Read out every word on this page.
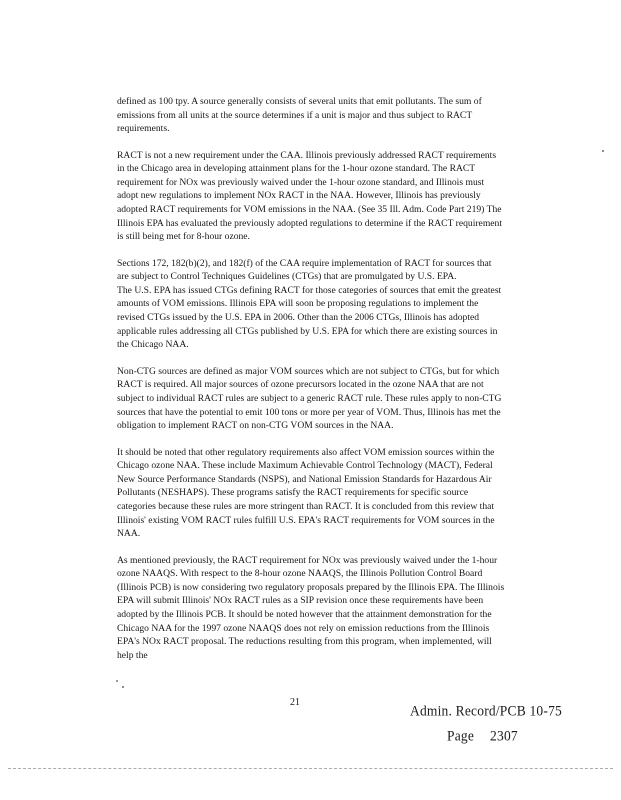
defined as 100 tpy. A source generally consists of several units that emit pollutants. The sum of emissions from all units at the source determines if a unit is major and thus subject to RACT requirements.

RACT is not a new requirement under the CAA. Illinois previously addressed RACT requirements in the Chicago area in developing attainment plans for the 1-hour ozone standard. The RACT requirement for NOx was previously waived under the 1-hour ozone standard, and Illinois must adopt new regulations to implement NOx RACT in the NAA. However, Illinois has previously adopted RACT requirements for VOM emissions in the NAA. (See 35 Ill. Adm. Code Part 219) The Illinois EPA has evaluated the previously adopted regulations to determine if the RACT requirement is still being met for 8-hour ozone.

Sections 172, 182(b)(2), and 182(f) of the CAA require implementation of RACT for sources that are subject to Control Techniques Guidelines (CTGs) that are promulgated by U.S. EPA.

The U.S. EPA has issued CTGs defining RACT for those categories of sources that emit the greatest amounts of VOM emissions. Illinois EPA will soon be proposing regulations to implement the revised CTGs issued by the U.S. EPA in 2006. Other than the 2006 CTGs, Illinois has adopted applicable rules addressing all CTGs published by U.S. EPA for which there are existing sources in the Chicago NAA.

Non-CTG sources are defined as major VOM sources which are not subject to CTGs, but for which RACT is required. All major sources of ozone precursors located in the ozone NAA that are not subject to individual RACT rules are subject to a generic RACT rule. These rules apply to non-CTG sources that have the potential to emit 100 tons or more per year of VOM. Thus, Illinois has met the obligation to implement RACT on non-CTG VOM sources in the NAA.

It should be noted that other regulatory requirements also affect VOM emission sources within the Chicago ozone NAA. These include Maximum Achievable Control Technology (MACT), Federal New Source Performance Standards (NSPS), and National Emission Standards for Hazardous Air Pollutants (NESHAPS). These programs satisfy the RACT requirements for specific source categories because these rules are more stringent than RACT. It is concluded from this review that Illinois' existing VOM RACT rules fulfill U.S. EPA's RACT requirements for VOM sources in the NAA.

As mentioned previously, the RACT requirement for NOx was previously waived under the 1-hour ozone NAAQS. With respect to the 8-hour ozone NAAQS, the Illinois Pollution Control Board (Illinois PCB) is now considering two regulatory proposals prepared by the Illinois EPA. The Illinois EPA will submit Illinois' NOx RACT rules as a SIP revision once these requirements have been adopted by the Illinois PCB. It should be noted however that the attainment demonstration for the Chicago NAA for the 1997 ozone NAAQS does not rely on emission reductions from the Illinois EPA's NOx RACT proposal. The reductions resulting from this program, when implemented, will help the

21	Admin. Record/PCB 10-75
Page 2307
